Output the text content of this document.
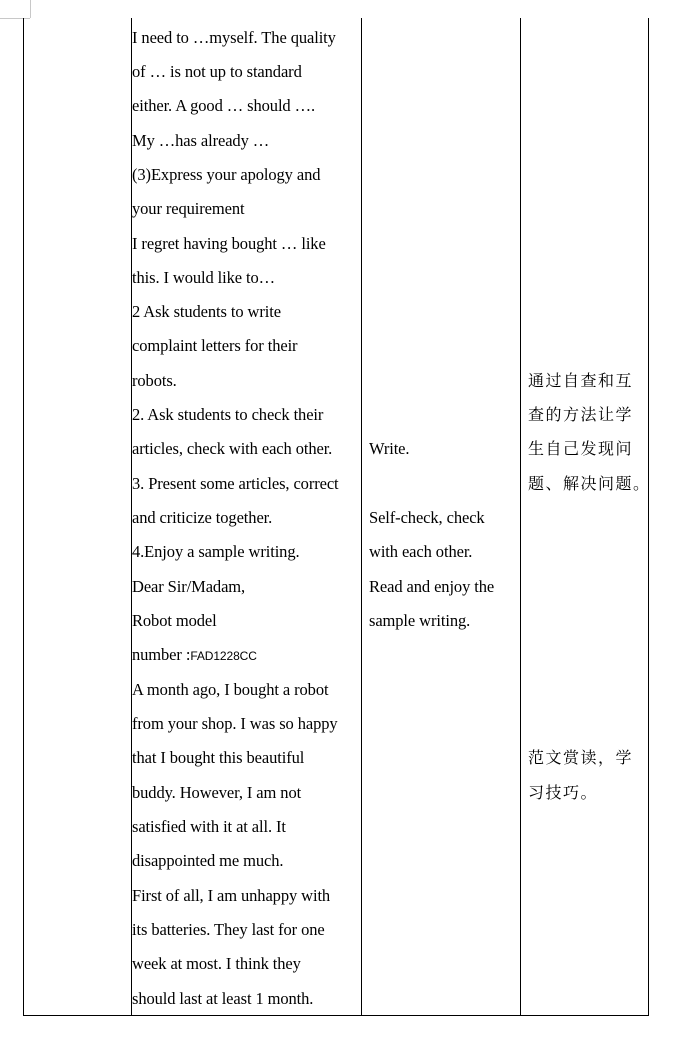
I need to …myself. The quality
of … is not up to standard
either. A good … should ….
My …has already …
(3)Express your apology and
your requirement
I regret having bought … like
this. I would like to…
2 Ask students to write
complaint letters for their
robots.
2. Ask students to check their
articles, check with each other.
3. Present some articles, correct
and criticize together.
4.Enjoy a sample writing.
Dear Sir/Madam,
Robot model
number :FAD1228CC
A month ago, I bought a robot
from your shop. I was so happy
that I bought this beautiful
buddy. However, I am not
satisfied with it at all. It
disappointed me much.
First of all, I am unhappy with
its batteries. They last for one
week at most. I think they
should last at least 1 month.
Write.
Self-check, check
with each other.
Read and enjoy the
sample writing.
通过自查和互
查的方法让学
生自己发现问
题、解决问题。
范文赏读，学
习技巧。
